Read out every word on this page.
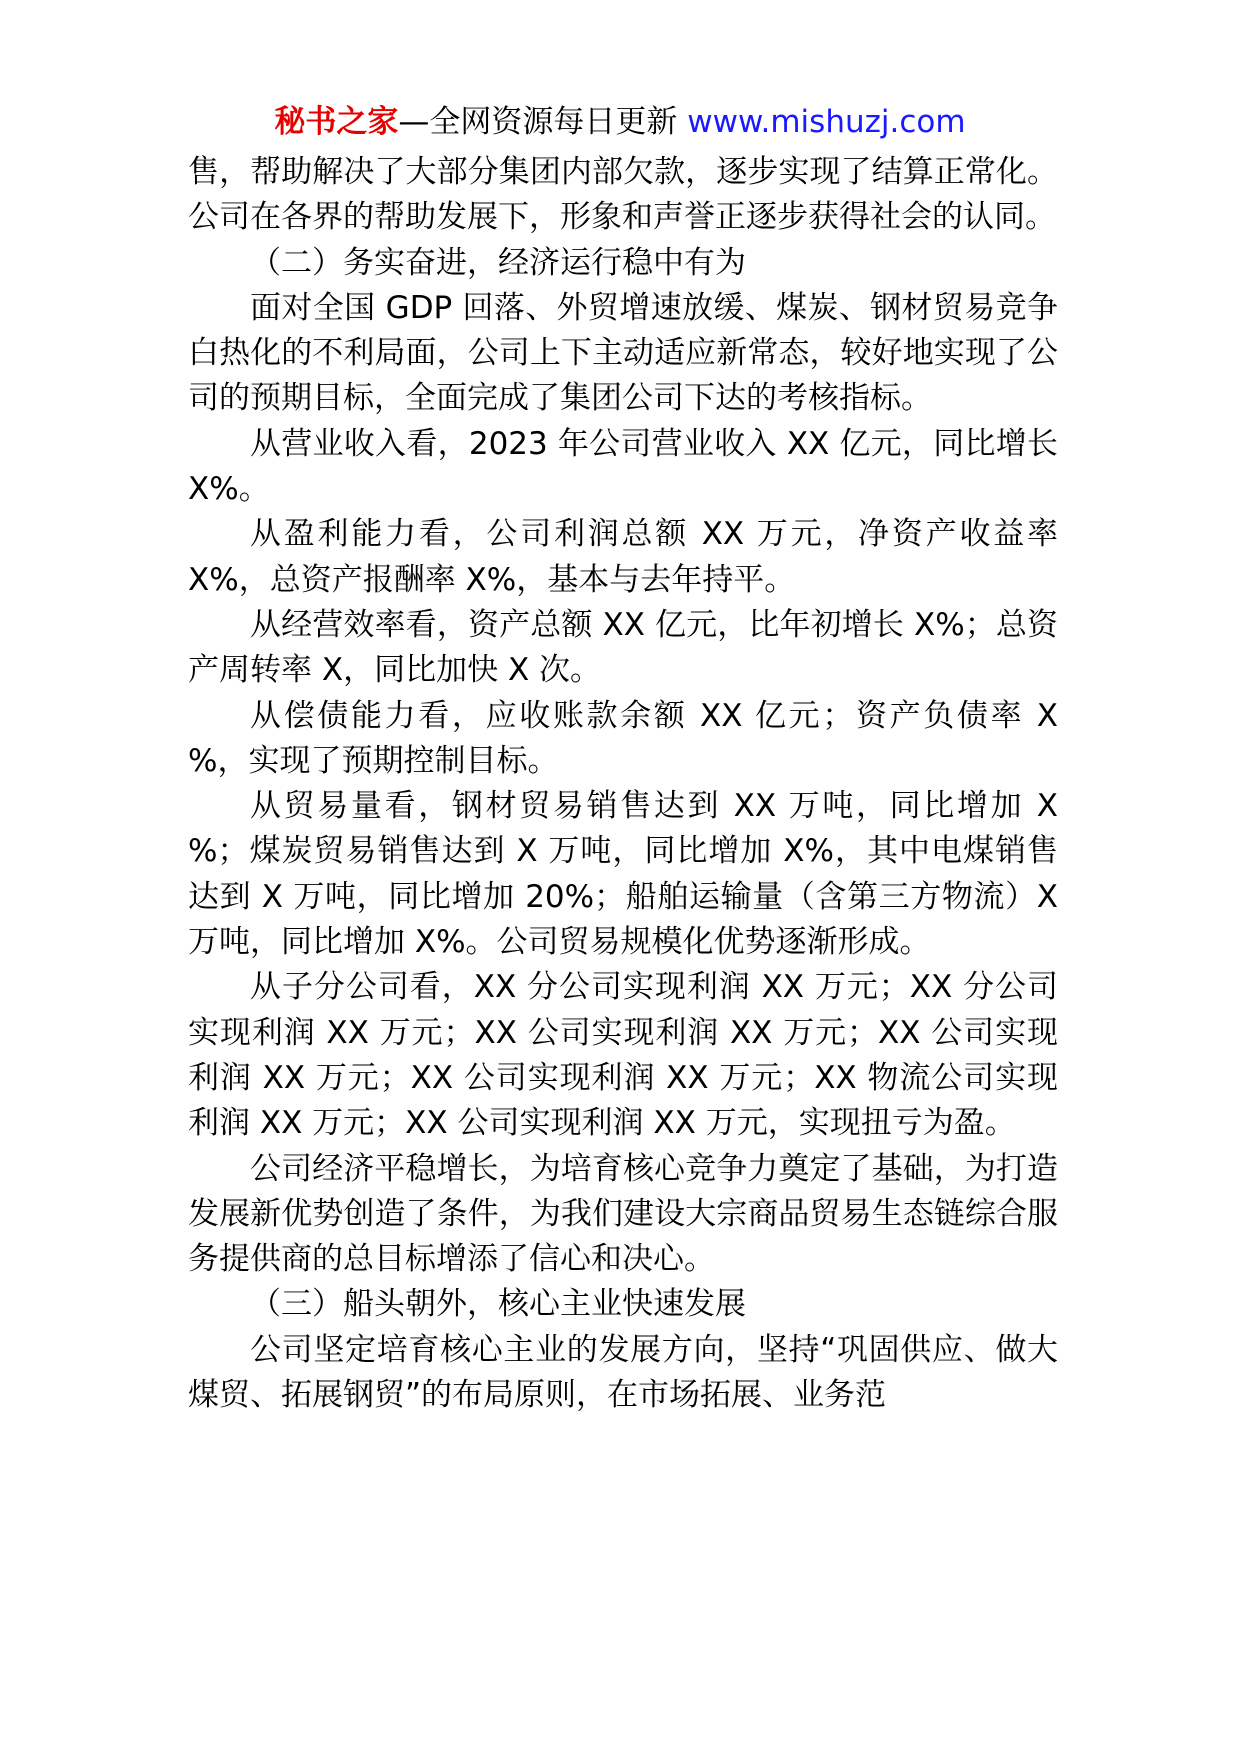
秘书之家—全网资源每日更新 www.mishuzj.com

售，帮助解决了大部分集团内部欠款，逐步实现了结算正常化。公司在各界的帮助发展下，形象和声誉正逐步获得社会的认同。

（二）务实奋进，经济运行稳中有为

面对全国 GDP 回落、外贸增速放缓、煤炭、钢材贸易竞争白热化的不利局面，公司上下主动适应新常态，较好地实现了公司的预期目标，全面完成了集团公司下达的考核指标。

从营业收入看，2023 年公司营业收入 XX 亿元，同比增长 X%。

从盈利能力看，公司利润总额 XX 万元，净资产收益率 X%，总资产报酬率 X%，基本与去年持平。

从经营效率看，资产总额 XX 亿元，比年初增长 X%；总资产周转率 X，同比加快 X 次。

从偿债能力看，应收账款余额 XX 亿元；资产负债率 X %，实现了预期控制目标。

从贸易量看，钢材贸易销售达到 XX 万吨，同比增加 X %；煤炭贸易销售达到 X 万吨，同比增加 X%，其中电煤销售达到 X 万吨，同比增加 20%；船舶运输量（含第三方物流）X 万吨，同比增加 X%。公司贸易规模化优势逐渐形成。

从子分公司看，XX 分公司实现利润 XX 万元；XX 分公司实现利润 XX 万元；XX 公司实现利润 XX 万元；XX 公司实现利润 XX 万元；XX 公司实现利润 XX 万元；XX 物流公司实现利润 XX 万元；XX 公司实现利润 XX 万元，实现扭亏为盈。

公司经济平稳增长，为培育核心竞争力奠定了基础，为打造发展新优势创造了条件，为我们建设大宗商品贸易生态链综合服务提供商的总目标增添了信心和决心。

（三）船头朝外，核心主业快速发展

公司坚定培育核心主业的发展方向，坚持“巩固供应、做大煤贸、拓展钢贸”的布局原则，在市场拓展、业务范
